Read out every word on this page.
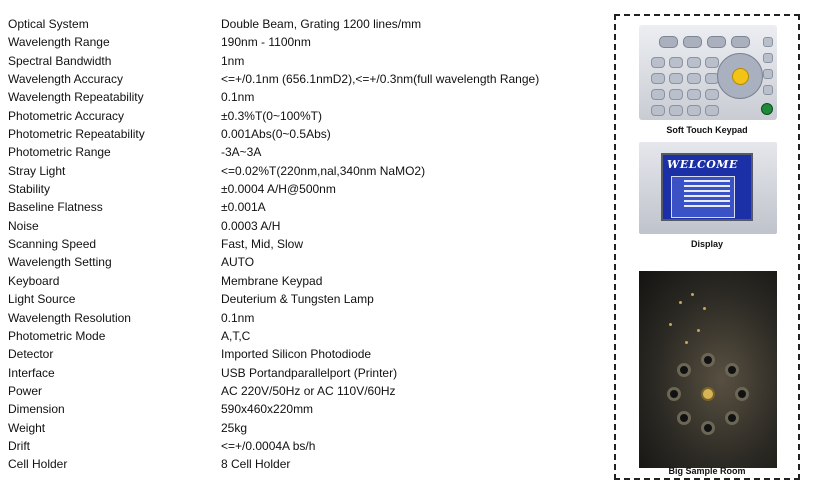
Optical System	Double Beam, Grating 1200 lines/mm
Wavelength Range	190nm - 1100nm
Spectral Bandwidth	1nm
Wavelength Accuracy	<=+/0.1nm (656.1nmD2),<=+/0.3nm(full wavelength Range)
Wavelength Repeatability	0.1nm
Photometric Accuracy	±0.3%T(0~100%T)
Photometric Repeatability	0.001Abs(0~0.5Abs)
Photometric Range	-3A~3A
Stray Light	<=0.02%T(220nm,nal,340nm NaMO2)
Stability	±0.0004 A/H@500nm
Baseline Flatness	±0.001A
Noise	0.0003 A/H
Scanning Speed	Fast, Mid, Slow
Wavelength Setting	AUTO
Keyboard	Membrane Keypad
Light Source	Deuterium & Tungsten Lamp
Wavelength Resolution	0.1nm
Photometric Mode	A,T,C
Detector	Imported Silicon Photodiode
Interface	USB Portandparallelport (Printer)
Power	AC 220V/50Hz or AC 110V/60Hz
Dimension	590x460x220mm
Weight	25kg
Drift	<=+/0.0004A bs/h
Cell Holder	8 Cell Holder
Soft Touch Keypad
WELCOME
Display
Big Sample Room
